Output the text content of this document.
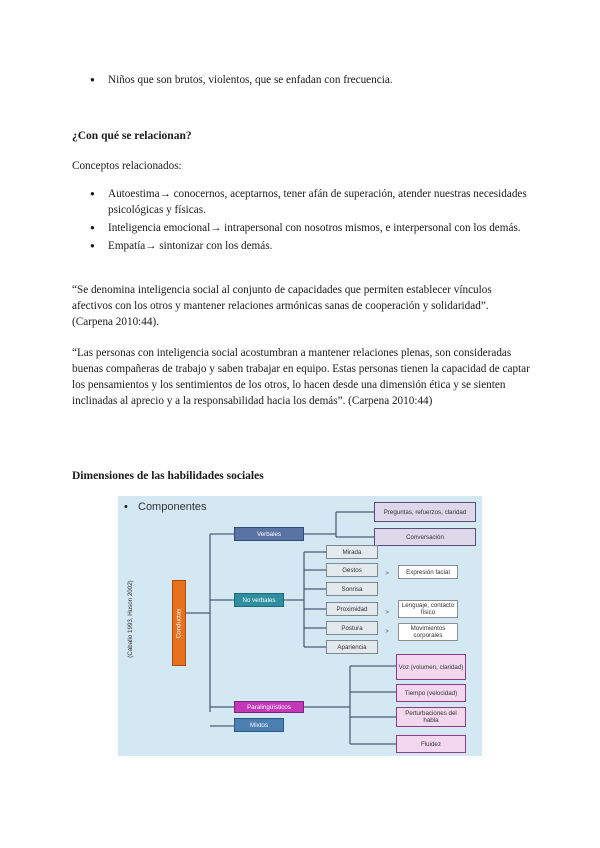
● Niños que son brutos, violentos, que se enfadan con frecuencia.
¿Con qué se relacionan?
Conceptos relacionados:
● Autoestima→ conocernos, aceptarnos, tener afán de superación, atender nuestras necesidades psicológicas y físicas.
● Inteligencia emocional→ intrapersonal con nosotros mismos, e interpersonal con los demás.
● Empatía→ sintonizar con los demás.
“Se denomina inteligencia social al conjunto de capacidades que permiten establecer vínculos afectivos con los otros y mantener relaciones armónicas sanas de cooperación y solidaridad”. (Carpena 2010:44).
“Las personas con inteligencia social acostumbran a mantener relaciones plenas, son consideradas buenas compañeras de trabajo y saben trabajar en equipo. Estas personas tienen la capacidad de captar los pensamientos y los sentimientos de los otros, lo hacen desde una dimensión ética y se sienten inclinadas al aprecio y a la responsabilidad hacia los demás”. (Carpena 2010:44)
Dimensiones de las habilidades sociales
• Componentes
(Caballo 1993, Huson 2002)	Conductas
Verbales
Preguntas, refuerzos, claridad
Conversación
No verbales
Mirada
Gestos
Sonrisa
Proximidad
Postura
Apariencia
>
>
>
Expresión facial
Lenguaje, contacto físico
Movimientos corporales
Paralingüísticos
Voz (volumen, claridad)
Tiempo (velocidad)
Perturbaciones del habla
Fluidez
Mixtos
